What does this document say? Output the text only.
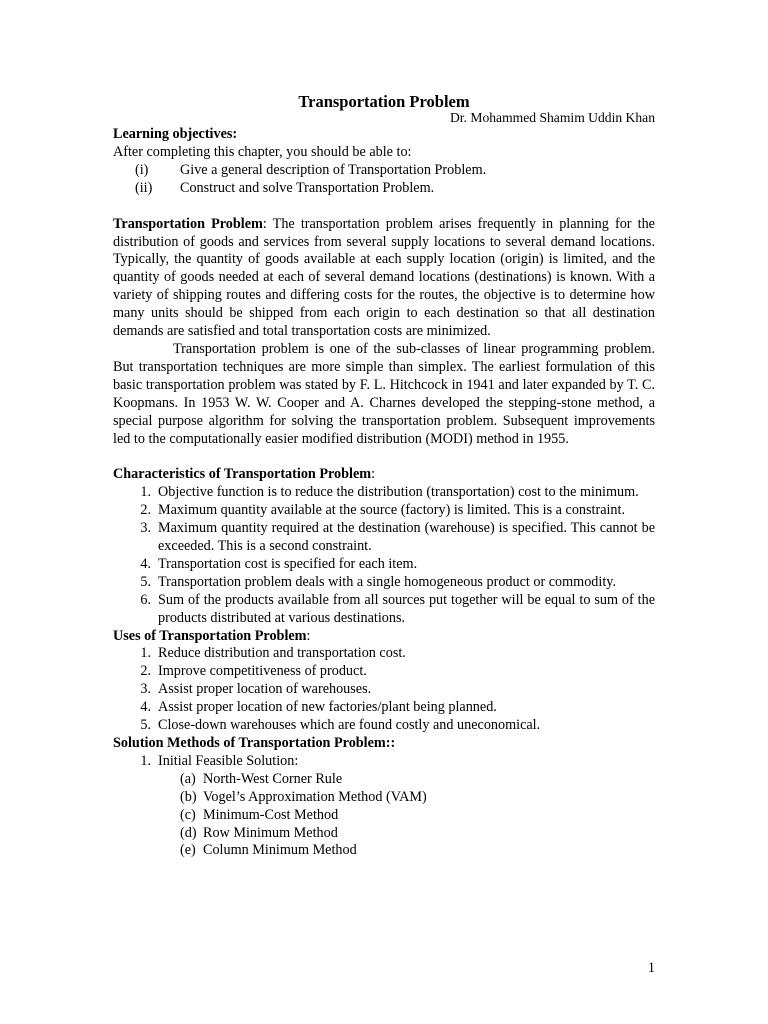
Transportation Problem

Dr. Mohammed Shamim Uddin Khan
Learning objectives:
After completing this chapter, you should be able to:
(i)	Give a general description of Transportation Problem.
(ii)	Construct and solve Transportation Problem.
Transportation Problem: The transportation problem arises frequently in planning for the distribution of goods and services from several supply locations to several demand locations. Typically, the quantity of goods available at each supply location (origin) is limited, and the quantity of goods needed at each of several demand locations (destinations) is known. With a variety of shipping routes and differing costs for the routes, the objective is to determine how many units should be shipped from each origin to each destination so that all destination demands are satisfied and total transportation costs are minimized.
Transportation problem is one of the sub-classes of linear programming problem. But transportation techniques are more simple than simplex. The earliest formulation of this basic transportation problem was stated by F. L. Hitchcock in 1941 and later expanded by T. C. Koopmans. In 1953 W. W. Cooper and A. Charnes developed the stepping-stone method, a special purpose algorithm for solving the transportation problem. Subsequent improvements led to the computationally easier modified distribution (MODI) method in 1955.
Characteristics of Transportation Problem:
1. Objective function is to reduce the distribution (transportation) cost to the minimum.
2. Maximum quantity available at the source (factory) is limited. This is a constraint.
3. Maximum quantity required at the destination (warehouse) is specified. This cannot be exceeded. This is a second constraint.
4. Transportation cost is specified for each item.
5. Transportation problem deals with a single homogeneous product or commodity.
6. Sum of the products available from all sources put together will be equal to sum of the products distributed at various destinations.
Uses of Transportation Problem:
1. Reduce distribution and transportation cost.
2. Improve competitiveness of product.
3. Assist proper location of warehouses.
4. Assist proper location of new factories/plant being planned.
5. Close-down warehouses which are found costly and uneconomical.
Solution Methods of Transportation Problem::
1. Initial Feasible Solution:
(a) North-West Corner Rule
(b) Vogel’s Approximation Method (VAM)
(c) Minimum-Cost Method
(d) Row Minimum Method
(e) Column Minimum Method
1
